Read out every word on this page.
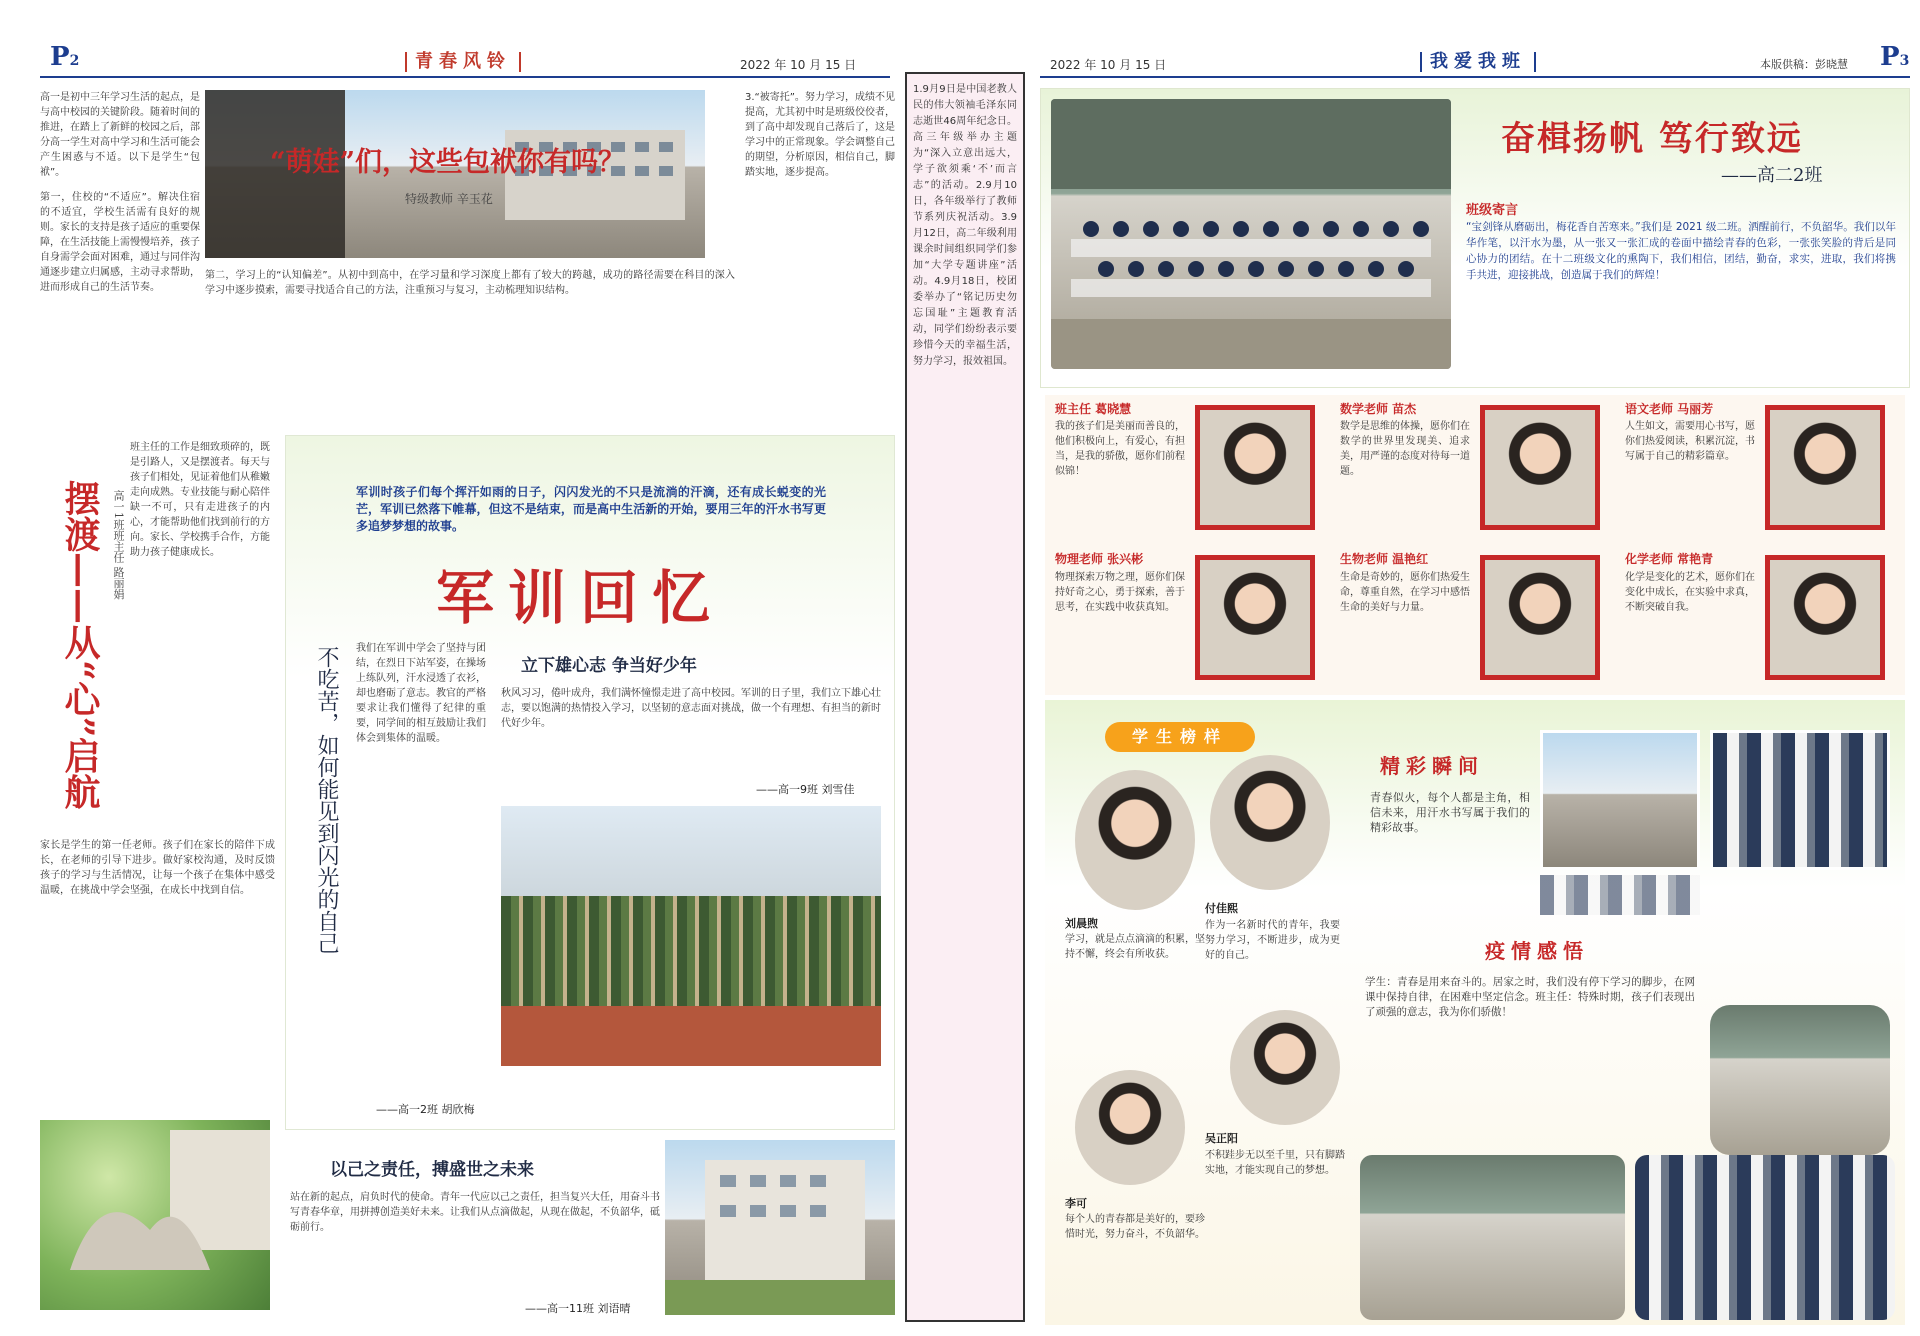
P2	青春风铃	2022 年 10 月 15 日
高一是初中三年学习生活的起点，是与高中校园的关键阶段。随着时间的推进，在踏上了新鲜的校园之后，部分高一学生对高中学习和生活可能会产生困惑与不适。以下是学生“包袱”。
第一，住校的“不适应”。解决住宿的不适宜，学校生活需有良好的规则。家长的支持是孩子适应的重要保障，在生活技能上需慢慢培养，孩子自身需学会面对困难，通过与同伴沟通逐步建立归属感，主动寻求帮助，进而形成自己的生活节奏。
“萌娃”们，这些包袱你有吗？
特级教师 辛玉花
3.“被寄托”。努力学习，成绩不见提高，尤其初中时是班级佼佼者，到了高中却发现自己落后了，这是学习中的正常现象。学会调整自己的期望，分析原因，相信自己，脚踏实地，逐步提高。
第二，学习上的“认知偏差”。从初中到高中，在学习量和学习深度上都有了较大的跨越，成功的路径需要在科目的深入学习中逐步摸索，需要寻找适合自己的方法，注重预习与复习，主动梳理知识结构。
摆渡——从“心”启航	高一1班班主任 路丽娟
班主任的工作是细致琐碎的，既是引路人，又是摆渡者。每天与孩子们相处，见证着他们从稚嫩走向成熟。专业技能与耐心陪伴缺一不可，只有走进孩子的内心，才能帮助他们找到前行的方向。家长、学校携手合作，方能助力孩子健康成长。
家长是学生的第一任老师。孩子们在家长的陪伴下成长，在老师的引导下进步。做好家校沟通，及时反馈孩子的学习与生活情况，让每一个孩子在集体中感受温暖，在挑战中学会坚强，在成长中找到自信。
军训时孩子们每个挥汗如雨的日子，闪闪发光的不只是流淌的汗滴，还有成长蜕变的光芒，军训已然落下帷幕，但这不是结束，而是高中生活新的开始，要用三年的汗水书写更多追梦梦想的故事。
军训回忆
不吃苦，如何能见到闪光的自己	我们在军训中学会了坚持与团结，在烈日下站军姿，在操场上练队列，汗水浸透了衣衫，却也磨砺了意志。教官的严格要求让我们懂得了纪律的重要，同学间的相互鼓励让我们体会到集体的温暖。
——高一2班 胡欣梅
立下雄心志 争当好少年
秋风习习，倦叶成舟，我们满怀憧憬走进了高中校园。军训的日子里，我们立下雄心壮志，要以饱满的热情投入学习，以坚韧的意志面对挑战，做一个有理想、有担当的新时代好少年。
——高一9班 刘雪佳
以己之责任，搏盛世之未来
站在新的起点，肩负时代的使命。青年一代应以己之责任，担当复兴大任，用奋斗书写青春华章，用拼搏创造美好未来。让我们从点滴做起，从现在做起，不负韶华，砥砺前行。
——高一11班 刘语晴
1.9月9日是中国老教人民的伟大领袖毛泽东同志逝世46周年纪念日。高三年级举办主题为“深入立意出远大，学子欲须乘‘不’而言志”的活动。2.9月10日，各年级举行了教师节系列庆祝活动。3.9月12日，高二年级利用课余时间组织同学们参加“大学专题讲座”活动。4.9月18日，校团委举办了“铭记历史勿忘国耻”主题教育活动，同学们纷纷表示要珍惜今天的幸福生活，努力学习，报效祖国。
2022 年 10 月 15 日	我爱我班	本版供稿：彭晓慧 P3
奋楫扬帆 笃行致远
——高二2班
班级寄言
“宝剑锋从磨砺出，梅花香自苦寒来。”我们是 2021 级二班。洒醒前行，不负韶华。我们以年华作笔，以汗水为墨，从一张又一张汇成的卷面中描绘青春的色彩，一张张笑脸的背后是同心协力的团结。在十二班级文化的熏陶下，我们相信，团结，勤奋，求实，进取，我们将携手共进，迎接挑战，创造属于我们的辉煌！
班主任 葛晓慧
我的孩子们是美丽而善良的，他们积极向上，有爱心，有担当，是我的骄傲，愿你们前程似锦！
数学老师 苗杰
数学是思维的体操，愿你们在数学的世界里发现美、追求美，用严谨的态度对待每一道题。
语文老师 马丽芳
人生如文，需要用心书写，愿你们热爱阅读，积累沉淀，书写属于自己的精彩篇章。
物理老师 张兴彬
物理探索万物之理，愿你们保持好奇之心，勇于探索，善于思考，在实践中收获真知。
生物老师 温艳红
生命是奇妙的，愿你们热爱生命，尊重自然，在学习中感悟生命的美好与力量。
化学老师 常艳青
化学是变化的艺术，愿你们在变化中成长，在实验中求真，不断突破自我。
学生榜样
刘晨煦
学习，就是点点滴滴的积累，坚持不懈，终会有所收获。
付佳熙
作为一名新时代的青年，我要努力学习，不断进步，成为更好的自己。
李可
每个人的青春都是美好的，要珍惜时光，努力奋斗，不负韶华。
吴正阳
不积跬步无以至千里，只有脚踏实地，才能实现自己的梦想。
精彩瞬间
青春似火，每个人都是主角，相信未来，用汗水书写属于我们的精彩故事。
疫情感悟
学生：青春是用来奋斗的。居家之时，我们没有停下学习的脚步，在网课中保持自律，在困难中坚定信念。班主任：特殊时期，孩子们表现出了顽强的意志，我为你们骄傲！
